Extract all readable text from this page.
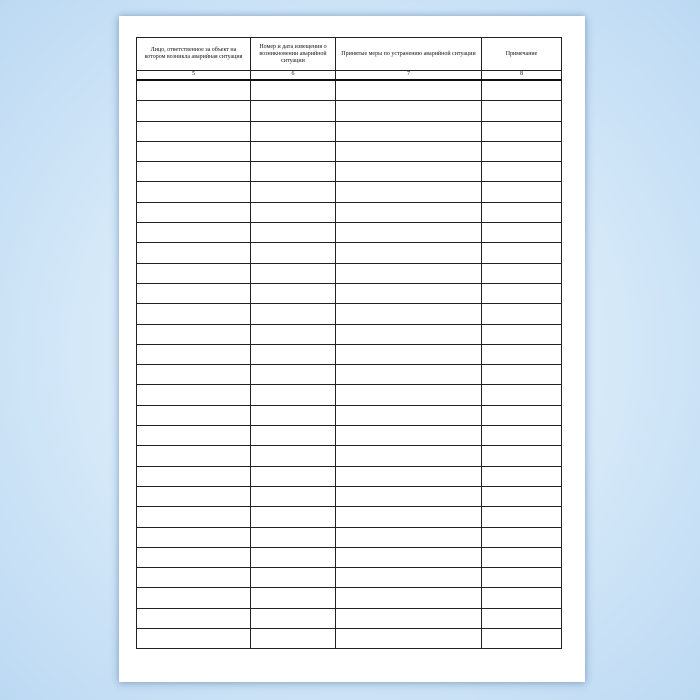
Лицо, ответственное за объект на котором возникла аварийная ситуация	Номер и дата извещения о возникновении аварийной ситуации	Принятые меры по устранению аварийной ситуации	Примечание
5	6	7	8
